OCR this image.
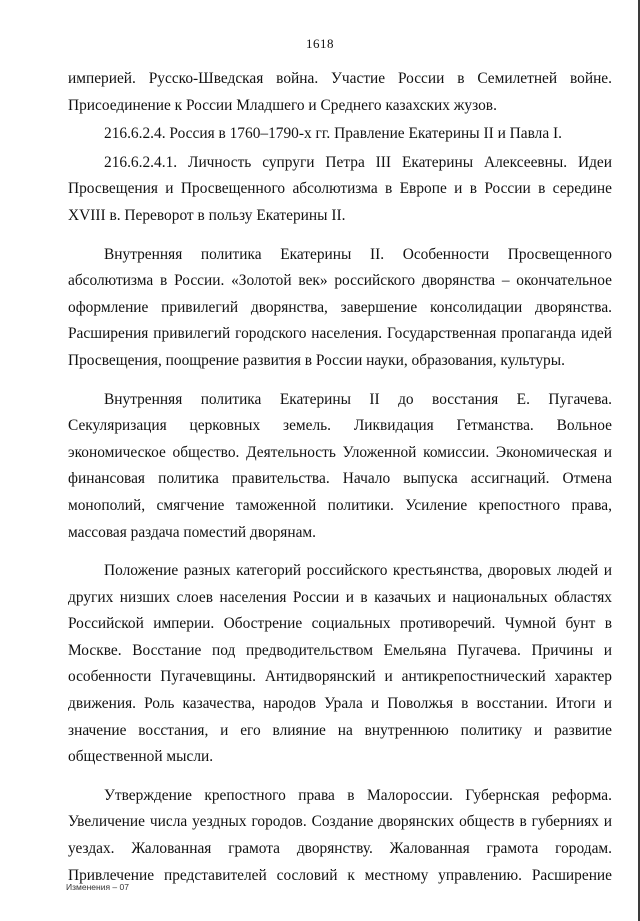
1618

империей. Русско-Шведская война. Участие России в Семилетней войне. Присоединение к России Младшего и Среднего казахских жузов.

216.6.2.4. Россия в 1760–1790-х гг. Правление Екатерины II и Павла I.

216.6.2.4.1. Личность супруги Петра III Екатерины Алексеевны. Идеи Просвещения и Просвещенного абсолютизма в Европе и в России в середине XVIII в. Переворот в пользу Екатерины II.

Внутренняя политика Екатерины II. Особенности Просвещенного абсолютизма в России. «Золотой век» российского дворянства – окончательное оформление привилегий дворянства, завершение консолидации дворянства. Расширения привилегий городского населения. Государственная пропаганда идей Просвещения, поощрение развития в России науки, образования, культуры.

Внутренняя политика Екатерины II до восстания Е. Пугачева. Секуляризация церковных земель. Ликвидация Гетманства. Вольное экономическое общество. Деятельность Уложенной комиссии. Экономическая и финансовая политика правительства. Начало выпуска ассигнаций. Отмена монополий, смягчение таможенной политики. Усиление крепостного права, массовая раздача поместий дворянам.

Положение разных категорий российского крестьянства, дворовых людей и других низших слоев населения России и в казачьих и национальных областях Российской империи. Обострение социальных противоречий. Чумной бунт в Москве. Восстание под предводительством Емельяна Пугачева. Причины и особенности Пугачевщины. Антидворянский и антикрепостнический характер движения. Роль казачества, народов Урала и Поволжья в восстании. Итоги и значение восстания, и его влияние на внутреннюю политику и развитие общественной мысли.

Утверждение крепостного права в Малороссии. Губернская реформа. Увеличение числа уездных городов. Создание дворянских обществ в губерниях и уездах. Жалованная грамота дворянству. Жалованная грамота городам. Привлечение представителей сословий к местному управлению. Расширение

Изменения – 07
